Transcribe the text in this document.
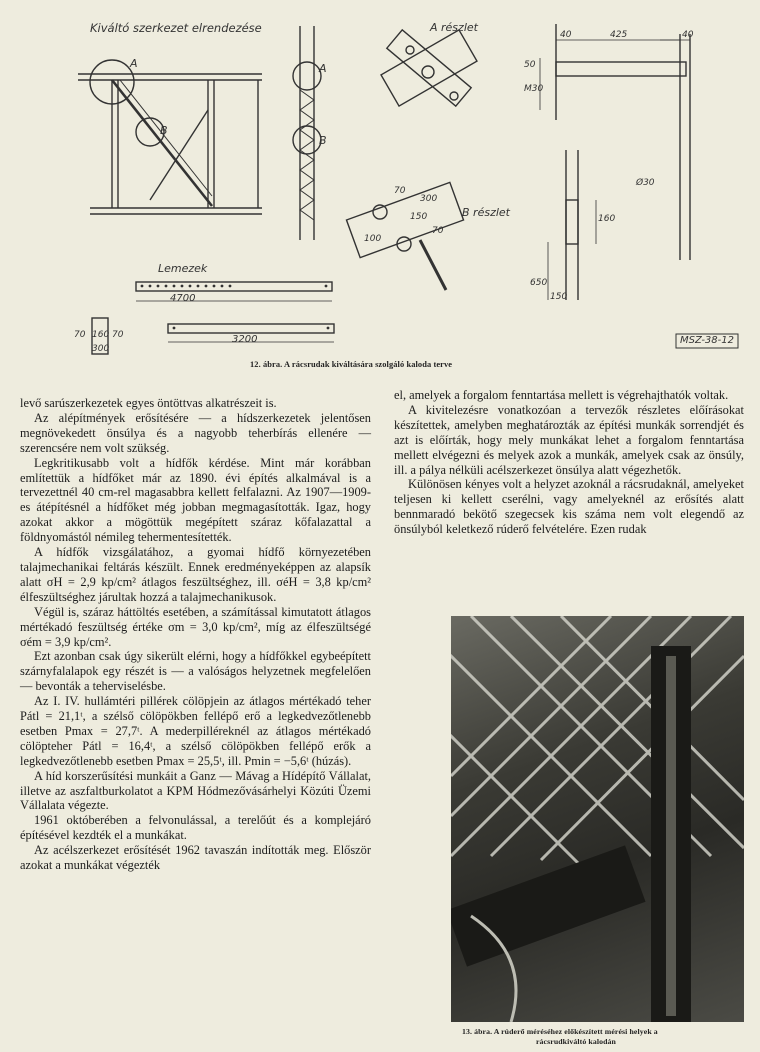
Kiváltó szerkezet elrendezése	A részlet
B részlet
Lemezek
A
B
A
B
425	40
40
50
M30
300
150
70
70
100
Ø30
160
650
150
4700
70 160 70
300
3200	MSZ-38-12
12. ábra. A rácsrudak kiváltására szolgáló kaloda terve

levő sarúszerkezetek egyes öntöttvas alkatrészeit is.

Az alépítmények erősítésére — a hídszerkezetek jelentősen megnövekedett önsúlya és a nagyobb teherbírás ellenére — szerencsére nem volt szükség.

Legkritikusabb volt a hídfők kérdése. Mint már korábban említettük a hídfőket már az 1890. évi építés alkalmával is a tervezettnél 40 cm-rel magasabbra kellett felfalazni. Az 1907—1909-es átépítésnél a hídfőket még jobban megmagasították. Igaz, hogy azokat akkor a mögöttük megépített száraz kőfalazattal a földnyomástól némileg tehermentesítették.

A hídfők vizsgálatához, a gyomai hídfő környezetében talajmechanikai feltárás készült. Ennek eredményeképpen az alapsík alatt σH = 2,9 kp/cm² átlagos feszültséghez, ill. σéH = 3,8 kp/cm² élfeszültséghez járultak hozzá a talajmechanikusok.

Végül is, száraz háttöltés esetében, a számítással kimutatott átlagos mértékadó feszültség értéke σm = 3,0 kp/cm², míg az élfeszültségé σém = 3,9 kp/cm².

Ezt azonban csak úgy sikerült elérni, hogy a hídfőkkel egybeépített szárnyfalalapok egy részét is — a valóságos helyzetnek megfelelően — bevonták a teherviselésbe.

Az I. IV. hullámtéri pillérek cölöpjein az átlagos mértékadó teher Pátl = 21,1ᵗ, a szélső cölöpökben fellépő erő a legkedvezőtlenebb esetben Pmax = 27,7ᵗ. A mederpilléreknél az átlagos mértékadó cölöpteher Pátl = 16,4ᵗ, a szélső cölöpökben fellépő erők a legkedvezőtlenebb esetben Pmax = 25,5ᵗ, ill. Pmin = −5,6ᵗ (húzás).

A híd korszerűsítési munkáit a Ganz — Mávag a Hídépítő Vállalat, illetve az aszfaltburkolatot a KPM Hódmezővásárhelyi Közúti Üzemi Vállalata végezte.

1961 októberében a felvonulással, a terelőút és a komplejáró építésével kezdték el a munkákat.

Az acélszerkezet erősítését 1962 tavaszán indították meg. Először azokat a munkákat végezték

el, amelyek a forgalom fenntartása mellett is végrehajthatók voltak.

A kivitelezésre vonatkozóan a tervezők részletes előírásokat készítettek, amelyben meghatározták az építési munkák sorrendjét és azt is előírták, hogy mely munkákat lehet a forgalom fenntartása mellett elvégezni és melyek azok a munkák, amelyek csak az önsúly, ill. a pálya nélküli acélszerkezet önsúlya alatt végezhetők.

Különösen kényes volt a helyzet azoknál a rácsrudaknál, amelyeket teljesen ki kellett cserélni, vagy amelyeknél az erősítés alatt bennmaradó bekötő szegecsek kis száma nem volt elegendő az önsúlyból keletkező rúderő felvételére. Ezen rudak

13. ábra. A rúderő méréséhez előkészített mérési helyek a
rácsrudkiváltó kalodán
